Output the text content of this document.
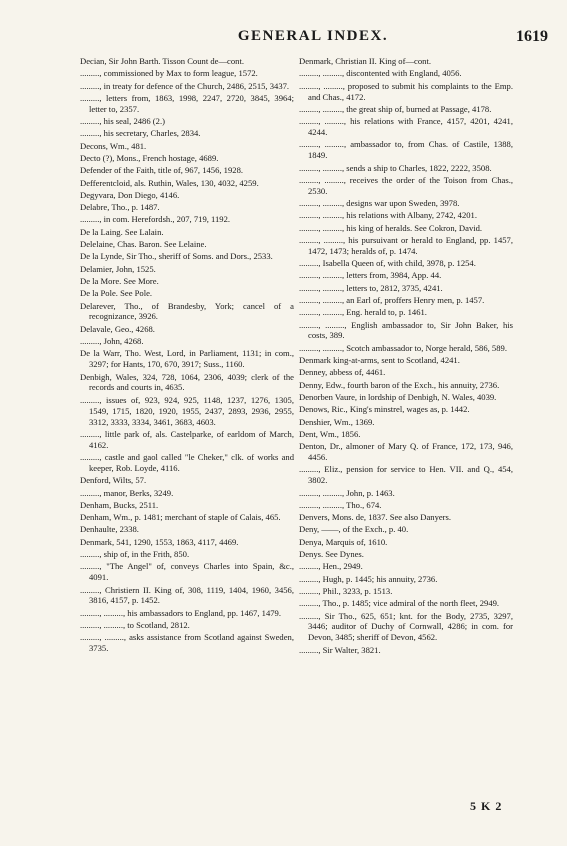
GENERAL INDEX.	1619

Decian, Sir John Barth. Tisson Count de—cont.

........., commissioned by Max to form league, 1572.

........., in treaty for defence of the Church, 2486, 2515, 3437.

........., letters from, 1863, 1998, 2247, 2720, 3845, 3964; letter to, 2357.

........., his seal, 2486 (2.)

........., his secretary, Charles, 2834.

Decons, Wm., 481.

Decto (?), Mons., French hostage, 4689.

Defender of the Faith, title of, 967, 1456, 1928.

Defferentcloid, als. Ruthin, Wales, 130, 4032, 4259.

Degyvara, Don Diego, 4146.

Delabre, Tho., p. 1487.

........., in com. Herefordsh., 207, 719, 1192.

De la Laing. See Lalain.

Delelaine, Chas. Baron. See Lelaine.

De la Lynde, Sir Tho., sheriff of Soms. and Dors., 2533.

Delamier, John, 1525.

De la More. See More.

De la Pole. See Pole.

Delarever, Tho., of Brandesby, York; cancel of a recognizance, 3926.

Delavale, Geo., 4268.

........., John, 4268.

De la Warr, Tho. West, Lord, in Parliament, 1131; in com., 3297; for Hants, 170, 670, 3917; Suss., 1160.

Denbigh, Wales, 324, 728, 1064, 2306, 4039; clerk of the records and courts in, 4635.

........., issues of, 923, 924, 925, 1148, 1237, 1276, 1305, 1549, 1715, 1820, 1920, 1955, 2437, 2893, 2936, 2955, 3312, 3333, 3334, 3461, 3683, 4603.

........., little park of, als. Castelparke, of earldom of March, 4162.

........., castle and gaol called "le Cheker," clk. of works and keeper, Rob. Loyde, 4116.

Denford, Wilts, 57.

........., manor, Berks, 3249.

Denham, Bucks, 2511.

Denham, Wm., p. 1481; merchant of staple of Calais, 465.

Denhaulte, 2338.

Denmark, 541, 1290, 1553, 1863, 4117, 4469.

........., ship of, in the Frith, 850.

........., "The Angel" of, conveys Charles into Spain, &c., 4091.

........., Christiern II. King of, 308, 1119, 1404, 1960, 3456, 3816, 4157, p. 1452.

........., ........., his ambassadors to England, pp. 1467, 1479.

........., ........., to Scotland, 2812.

........., ........., asks assistance from Scotland against Sweden, 3735.

Denmark, Christian II. King of—cont.

........., ........., discontented with England, 4056.

........., ........., proposed to submit his complaints to the Emp. and Chas., 4172.

........., ........., the great ship of, burned at Passage, 4178.

........., ........., his relations with France, 4157, 4201, 4241, 4244.

........., ........., ambassador to, from Chas. of Castile, 1388, 1849.

........., ........., sends a ship to Charles, 1822, 2222, 3508.

........., ........., receives the order of the Toison from Chas., 2530.

........., ........., designs war upon Sweden, 3978.

........., ........., his relations with Albany, 2742, 4201.

........., ........., his king of heralds. See Cokron, David.

........., ........., his pursuivant or herald to England, pp. 1457, 1472, 1473; heralds of, p. 1474.

........., Isabella Queen of, with child, 3978, p. 1254.

........., ........., letters from, 3984, App. 44.

........., ........., letters to, 2812, 3735, 4241.

........., ........., an Earl of, proffers Henry men, p. 1457.

........., ........., Eng. herald to, p. 1461.

........., ........., English ambassador to, Sir John Baker, his costs, 389.

........., ........., Scotch ambassador to, Norge herald, 586, 589.

Denmark king-at-arms, sent to Scotland, 4241.

Denney, abbess of, 4461.

Denny, Edw., fourth baron of the Exch., his annuity, 2736.

Denorben Vaure, in lordship of Denbigh, N. Wales, 4039.

Denows, Ric., King's minstrel, wages as, p. 1442.

Denshier, Wm., 1369.

Dent, Wm., 1856.

Denton, Dr., almoner of Mary Q. of France, 172, 173, 946, 4456.

........., Eliz., pension for service to Hen. VII. and Q., 454, 3802.

........., ........., John, p. 1463.

........., ........., Tho., 674.

Denvers, Mons. de, 1837. See also Danyers.

Deny, ——, of the Exch., p. 40.

Denya, Marquis of, 1610.

Denys. See Dynes.

........., Hen., 2949.

........., Hugh, p. 1445; his annuity, 2736.

........., Phil., 3233, p. 1513.

........., Tho., p. 1485; vice admiral of the north fleet, 2949.

........., Sir Tho., 625, 651; knt. for the Body, 2735, 3297, 3446; auditor of Duchy of Cornwall, 4286; in com. for Devon, 3485; sheriff of Devon, 4562.

........., Sir Walter, 3821.

5 K 2
